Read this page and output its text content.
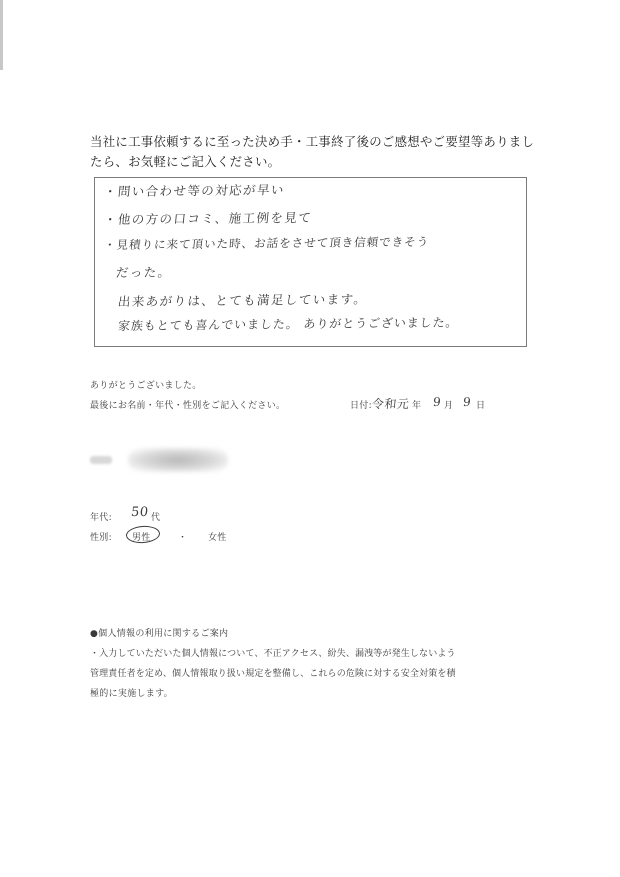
当社に工事依頼するに至った決め手・工事終了後のご感想やご要望等ありまし
たら、お気軽にご記入ください。
・問い合わせ等の対応が早い
・他の方の口コミ、施工例を見て
・見積りに来て頂いた時、お話をさせて頂き信頼できそう
だった。
出来あがりは、とても満足しています。
家族もとても喜んでいました。 ありがとうございました。
ありがとうございました。
最後にお名前・年代・性別をご記入ください。	日付: 令和元 年 9 月 9 日
年代: 50 代
性別: 男性	・ 女性
●個人情報の利用に関するご案内
・入力していただいた個人情報について、不正アクセス、紛失、漏洩等が発生しないよう
管理責任者を定め、個人情報取り扱い規定を整備し、これらの危険に対する安全対策を積
極的に実施します。
